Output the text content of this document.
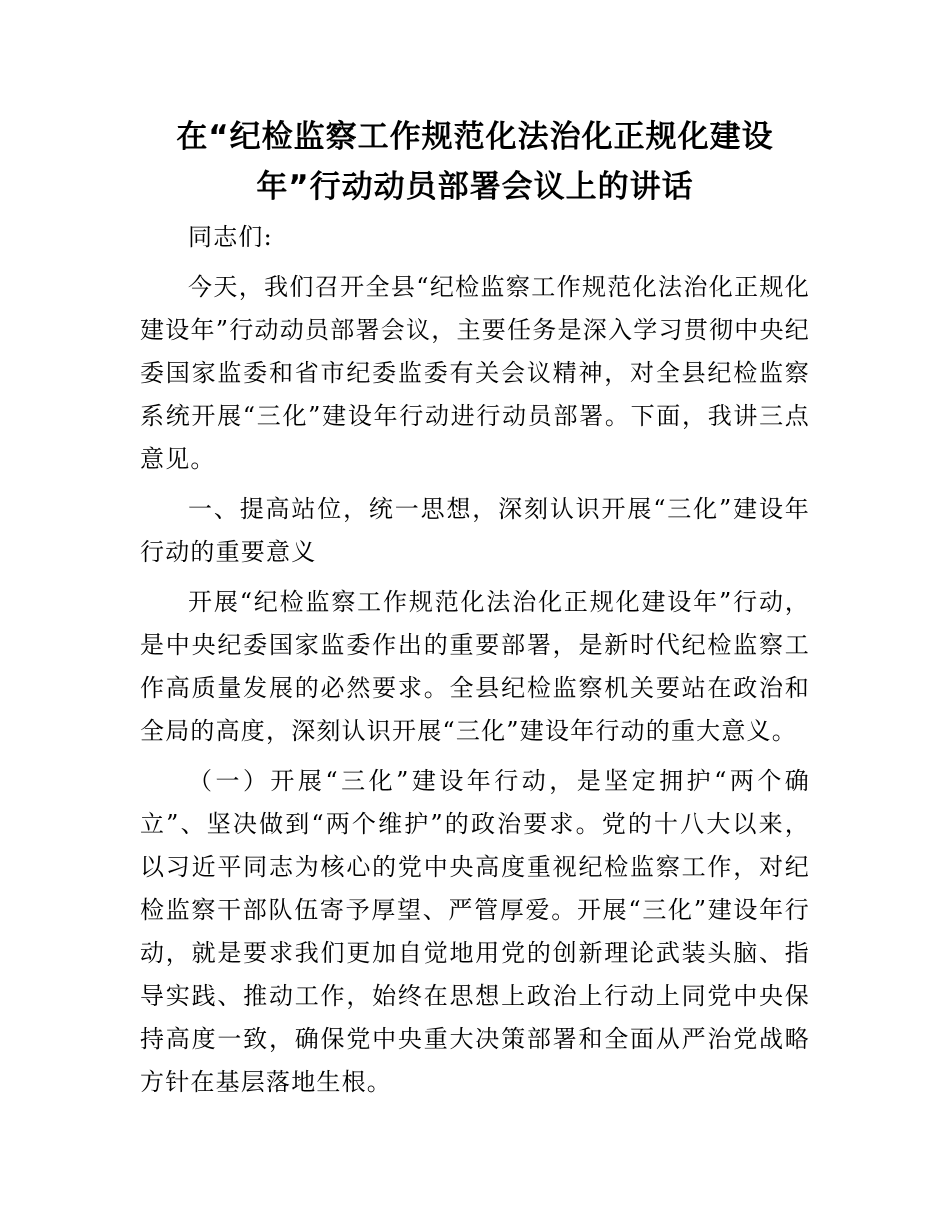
在“纪检监察工作规范化法治化正规化建设
年”行动动员部署会议上的讲话

同志们:

今天，我们召开全县“纪检监察工作规范化法治化正规化建设年”行动动员部署会议，主要任务是深入学习贯彻中央纪委国家监委和省市纪委监委有关会议精神，对全县纪检监察系统开展“三化”建设年行动进行动员部署。下面，我讲三点意见。

一、提高站位，统一思想，深刻认识开展“三化”建设年行动的重要意义

开展“纪检监察工作规范化法治化正规化建设年”行动，是中央纪委国家监委作出的重要部署，是新时代纪检监察工作高质量发展的必然要求。全县纪检监察机关要站在政治和全局的高度，深刻认识开展“三化”建设年行动的重大意义。

（一）开展“三化”建设年行动，是坚定拥护“两个确立”、坚决做到“两个维护”的政治要求。党的十八大以来，以习近平同志为核心的党中央高度重视纪检监察工作，对纪检监察干部队伍寄予厚望、严管厚爱。开展“三化”建设年行动，就是要求我们更加自觉地用党的创新理论武装头脑、指导实践、推动工作，始终在思想上政治上行动上同党中央保持高度一致，确保党中央重大决策部署和全面从严治党战略方针在基层落地生根。
